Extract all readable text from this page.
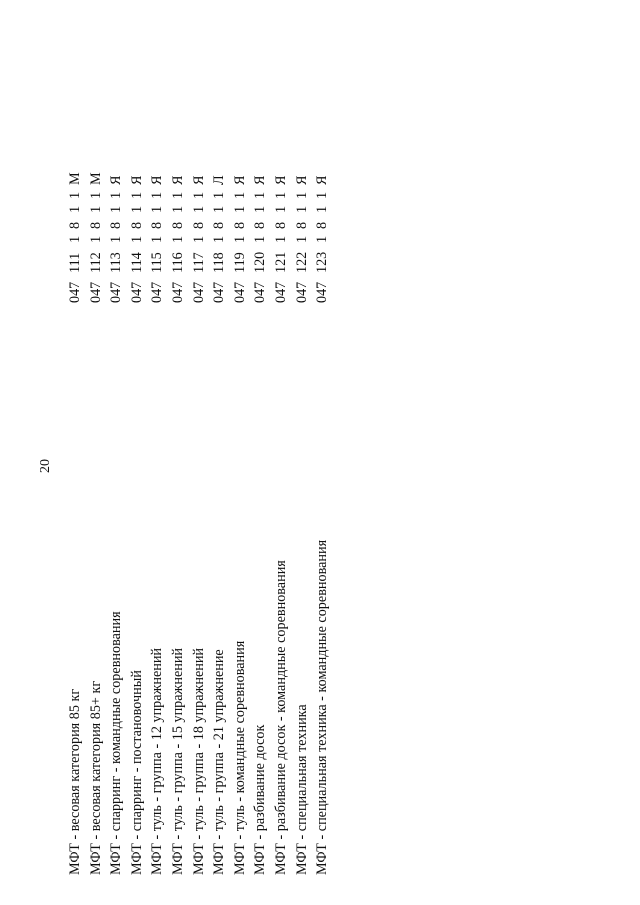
20
МФТ - весовая категория 85 кг
0471111811М
МФТ - весовая категория 85+ кг
0471121811М
МФТ - спарринг - командные соревнования
0471131811Я
МФТ - спарринг - постановочный
0471141811Я
МФТ - туль - группа - 12 упражнений
0471151811Я
МФТ - туль - группа - 15 упражнений
0471161811Я
МФТ - туль - группа - 18 упражнений
0471171811Я
МФТ - туль - группа - 21 упражнение
0471181811Л
МФТ - туль - командные соревнования
0471191811Я
МФТ - разбивание досок
0471201811Я
МФТ - разбивание досок - командные соревнования
0471211811Я
МФТ - специальная техника
0471221811Я
МФТ - специальная техника - командные соревнования
0471231811Я
